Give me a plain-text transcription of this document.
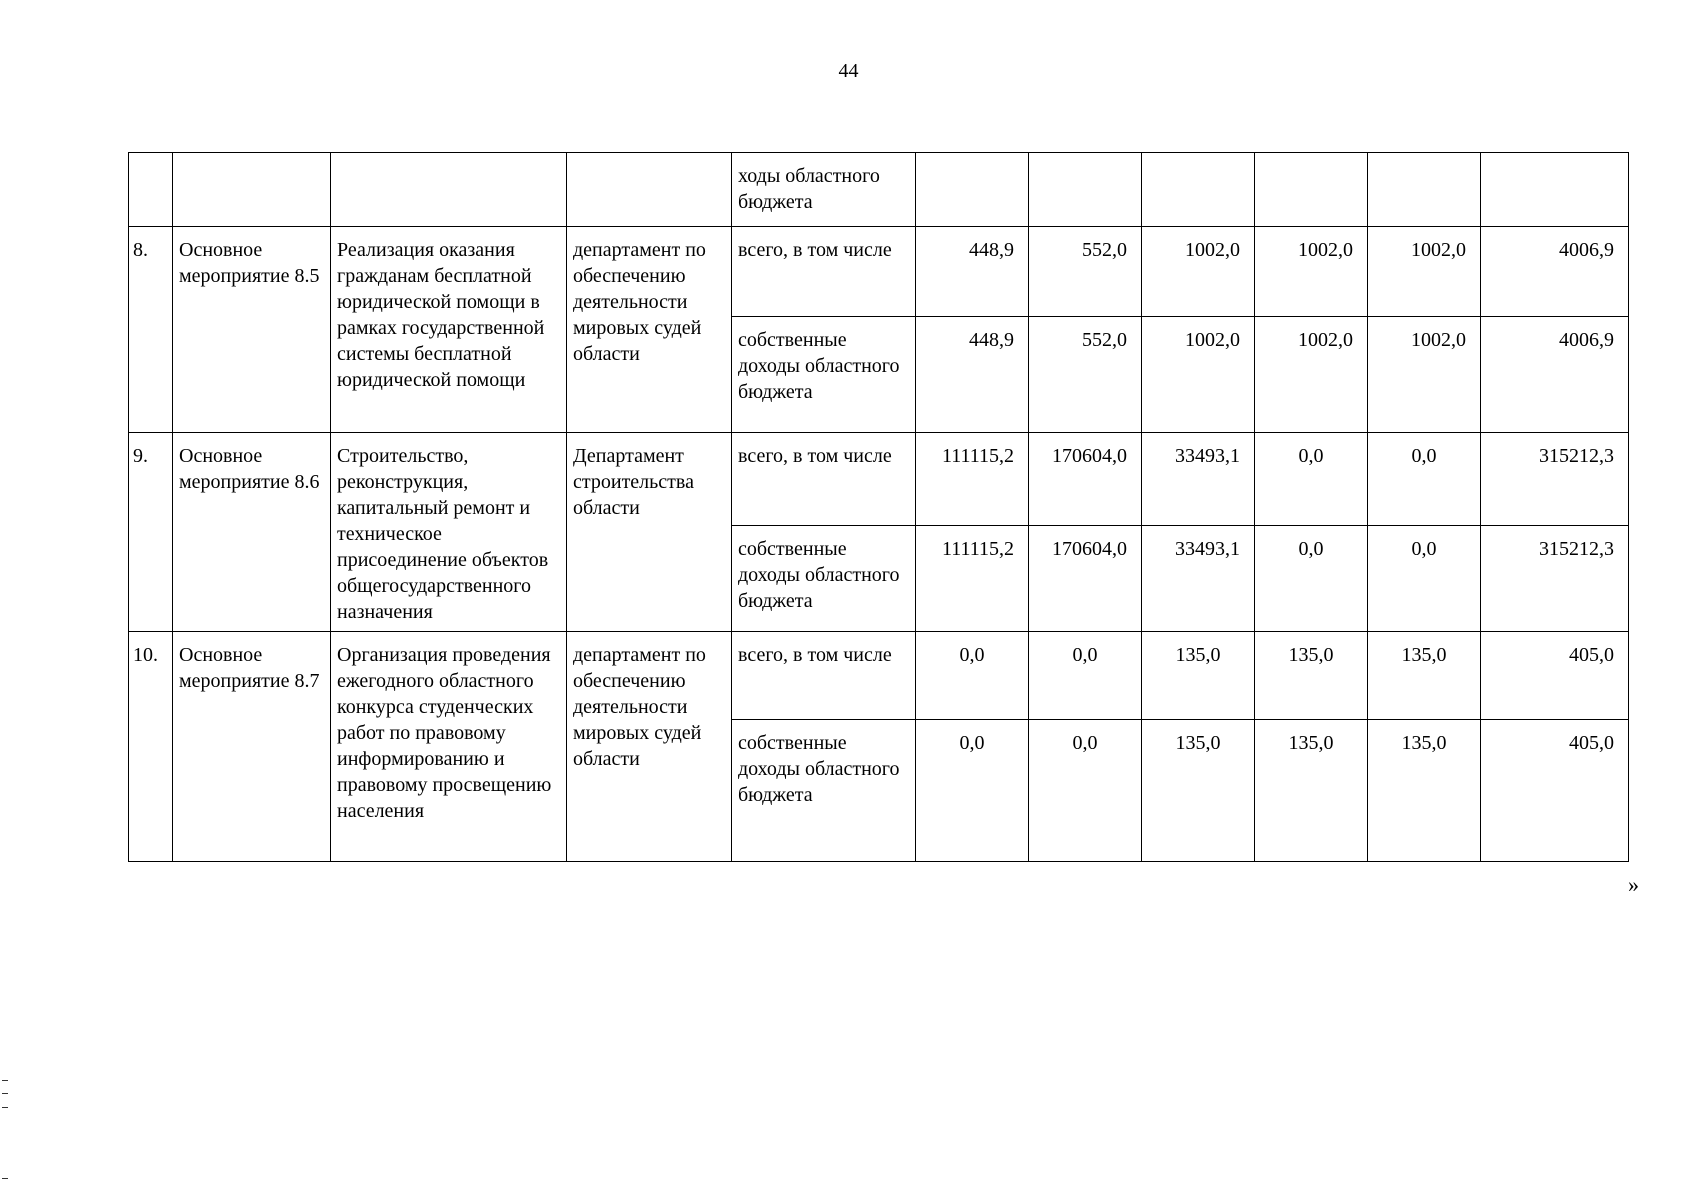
44
				ходы областного бюджета						
8.	Основное мероприятие 8.5	Реализация оказания гражданам бесплатной юридической помощи в рамках государственной системы бесплатной юридической помощи	департамент по обеспечению деятельности мировых судей области	всего, в том числе	448,9	552,0	1002,0	1002,0	1002,0	4006,9
				собственные доходы областного бюджета	448,9	552,0	1002,0	1002,0	1002,0	4006,9
9.	Основное мероприятие 8.6	Строительство, реконструкция, капитальный ремонт и техническое присоединение объектов общегосударственного назначения	Департамент строительства области	всего, в том числе	111115,2	170604,0	33493,1	0,0	0,0	315212,3
				собственные доходы областного бюджета	111115,2	170604,0	33493,1	0,0	0,0	315212,3
10.	Основное мероприятие 8.7	Организация проведения ежегодного областного конкурса студенческих работ по правовому информированию и правовому просвещению населения	департамент по обеспечению деятельности мировых судей области	всего, в том числе	0,0	0,0	135,0	135,0	135,0	405,0
				собственные доходы областного бюджета	0,0	0,0	135,0	135,0	135,0	405,0
»
